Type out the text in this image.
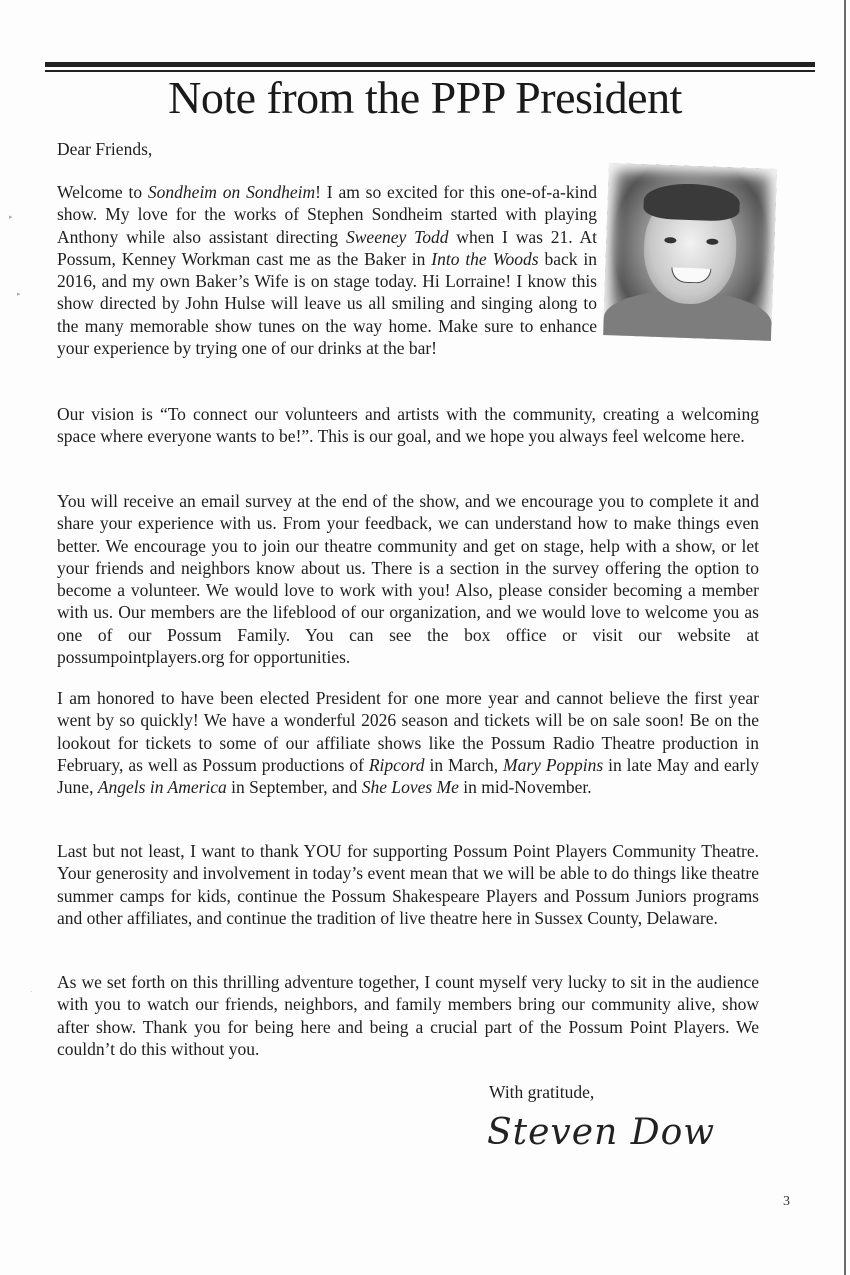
Note from the PPP President
Dear Friends,

Welcome to Sondheim on Sondheim! I am so excited for this one-of-a-kind show. My love for the works of Stephen Sondheim started with playing Anthony while also assistant directing Sweeney Todd when I was 21. At Possum, Kenney Workman cast me as the Baker in Into the Woods back in 2016, and my own Baker’s Wife is on stage today. Hi Lorraine! I know this show directed by John Hulse will leave us all smiling and singing along to the many memorable show tunes on the way home. Make sure to enhance your experience by trying one of our drinks at the bar!

Our vision is “To connect our volunteers and artists with the community, creating a welcoming space where everyone wants to be!”. This is our goal, and we hope you always feel welcome here.

You will receive an email survey at the end of the show, and we encourage you to complete it and share your experience with us. From your feedback, we can understand how to make things even better. We encourage you to join our theatre community and get on stage, help with a show, or let your friends and neighbors know about us. There is a section in the survey offering the option to become a volunteer. We would love to work with you! Also, please consider becoming a member with us. Our members are the lifeblood of our organization, and we would love to welcome you as one of our Possum Family. You can see the box office or visit our website at possumpointplayers.org for opportunities.

I am honored to have been elected President for one more year and cannot believe the first year went by so quickly! We have a wonderful 2026 season and tickets will be on sale soon! Be on the lookout for tickets to some of our affiliate shows like the Possum Radio Theatre production in February, as well as Possum productions of Ripcord in March, Mary Poppins in late May and early June, Angels in America in September, and She Loves Me in mid-November.

Last but not least, I want to thank YOU for supporting Possum Point Players Community Theatre. Your generosity and involvement in today’s event mean that we will be able to do things like theatre summer camps for kids, continue the Possum Shakespeare Players and Possum Juniors programs and other affiliates, and continue the tradition of live theatre here in Sussex County, Delaware.

As we set forth on this thrilling adventure together, I count myself very lucky to sit in the audience with you to watch our friends, neighbors, and family members bring our community alive, show after show. Thank you for being here and being a crucial part of the Possum Point Players. We couldn’t do this without you.

With gratitude,
Steven Dow
3
▸
▸
·
